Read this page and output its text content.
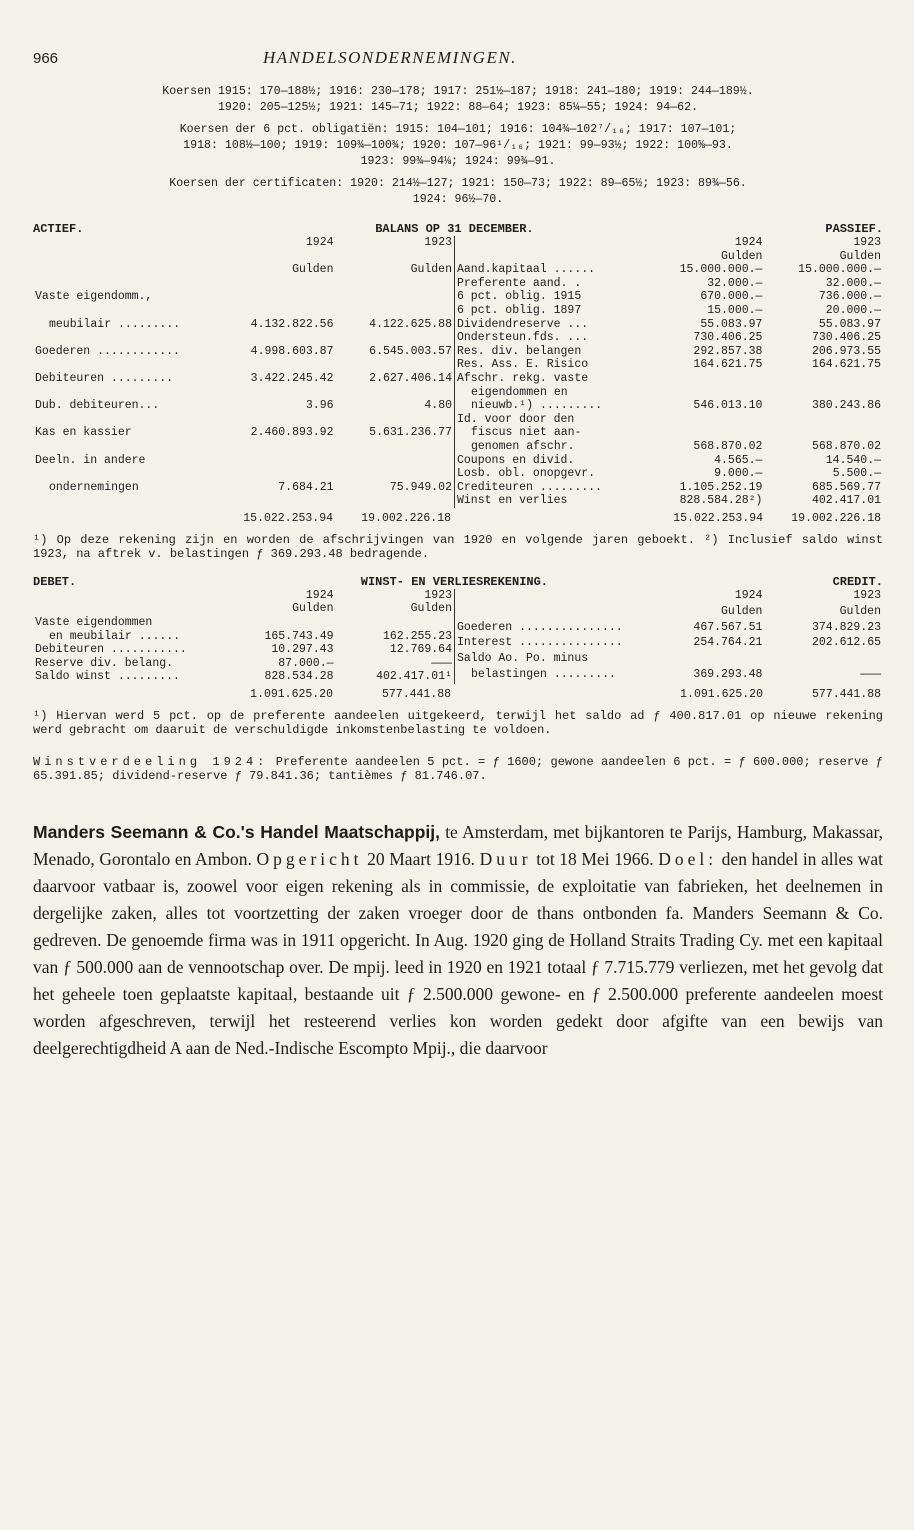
966	HANDELSONDERNEMINGEN.
Koersen 1915: 170—188½; 1916: 230—178; 1917: 251½—187; 1918: 241—180; 1919: 244—189½.
1920: 205—125½; 1921: 145—71; 1922: 88—64; 1923: 85¼—55; 1924: 94—62.
Koersen der 6 pct. obligatiën: 1915: 104—101; 1916: 104¾—102⁷/₁₆; 1917: 107—101;
1918: 108½—100; 1919: 109¾—100¾; 1920: 107—96¹/₁₆; 1921: 99—93½; 1922: 100⅝—93.
1923: 99¾—94⅛; 1924: 99¾—91.
Koersen der certificaten: 1920: 214½—127; 1921: 150—73; 1922: 89—65½; 1923: 89¾—56.
1924: 96½—70.
ACTIEF.	BALANS OP 31 DECEMBER.	PASSIEF.
	1924	1923
	Gulden	Gulden
Vaste eigendomm.,		
meubilair .........	4.132.822.56	4.122.625.88
Goederen ............	4.998.603.87	6.545.003.57
Debiteuren .........	3.422.245.42	2.627.406.14
Dub. debiteuren...	3.96	4.80
Kas en kassier	2.460.893.92	5.631.236.77
Deeln. in andere		
ondernemingen	7.684.21	75.949.02
	1924	1923
	Gulden	Gulden
Aand.kapitaal ......	15.000.000.—	15.000.000.—
Preferente aand. .	32.000.—	32.000.—
6 pct. oblig. 1915	670.000.—	736.000.—
6 pct. oblig. 1897	15.000.—	20.000.—
Dividendreserve ...	55.083.97	55.083.97
Ondersteun.fds. ...	730.406.25	730.406.25
Res. div. belangen	292.857.38	206.973.55
Res. Ass. E. Risico	164.621.75	164.621.75
Afschr. rekg. vaste		
eigendommen en		
nieuwb.¹) .........	546.013.10	380.243.86
Id. voor door den		
fiscus niet aan-		
genomen afschr.	568.870.02	568.870.02
Coupons en divid.	4.565.—	14.540.—
Losb. obl. onopgevr.	9.000.—	5.500.—
Crediteuren .........	1.105.252.19	685.569.77
Winst en verlies	828.584.28²)	402.417.01
15.022.253.94	19.002.226.18	15.022.253.94	19.002.226.18
¹) Op deze rekening zijn en worden de afschrijvingen van 1920 en volgende jaren geboekt. ²) Inclusief saldo winst 1923, na aftrek v. belastingen ƒ 369.293.48 bedragende.
DEBET.	WINST- EN VERLIESREKENING.	CREDIT.
	1924	1923
	Gulden	Gulden
Vaste eigendommen		
en meubilair ......	165.743.49	162.255.23
Debiteuren ...........	10.297.43	12.769.64
Reserve div. belang.	87.000.—	———
Saldo winst .........	828.534.28	402.417.01¹
	1924	1923
	Gulden	Gulden
Goederen ...............	467.567.51	374.829.23
Interest ...............	254.764.21	202.612.65
Saldo Ao. Po. minus		
belastingen .........	369.293.48	———
1.091.625.20	577.441.88	1.091.625.20	577.441.88
¹) Hiervan werd 5 pct. op de preferente aandeelen uitgekeerd, terwijl het saldo ad ƒ 400.817.01 op nieuwe rekening werd gebracht om daaruit de verschuldigde inkomstenbelasting te voldoen.
Winstverdeeling 1924: Preferente aandeelen 5 pct. = ƒ 1600; gewone aandeelen 6 pct. = ƒ 600.000; reserve ƒ 65.391.85; dividend-reserve ƒ 79.841.36; tantièmes ƒ 81.746.07.
Manders Seemann & Co.'s Handel Maatschappij, te Amsterdam, met bijkantoren te Parijs, Hamburg, Makassar, Menado, Gorontalo en Ambon. Opgericht 20 Maart 1916. Duur tot 18 Mei 1966. Doel: den handel in alles wat daarvoor vatbaar is, zoowel voor eigen rekening als in commissie, de exploitatie van fabrieken, het deelnemen in dergelijke zaken, alles tot voortzetting der zaken vroeger door de thans ontbonden fa. Manders Seemann & Co. gedreven. De genoemde firma was in 1911 opgericht. In Aug. 1920 ging de Holland Straits Trading Cy. met een kapitaal van ƒ 500.000 aan de vennootschap over. De mpij. leed in 1920 en 1921 totaal ƒ 7.715.779 verliezen, met het gevolg dat het geheele toen geplaatste kapitaal, bestaande uit ƒ 2.500.000 gewone- en ƒ 2.500.000 preferente aandeelen moest worden afgeschreven, terwijl het resteerend verlies kon worden gedekt door afgifte van een bewijs van deelgerechtigdheid A aan de Ned.-Indische Escompto Mpij., die daarvoor
